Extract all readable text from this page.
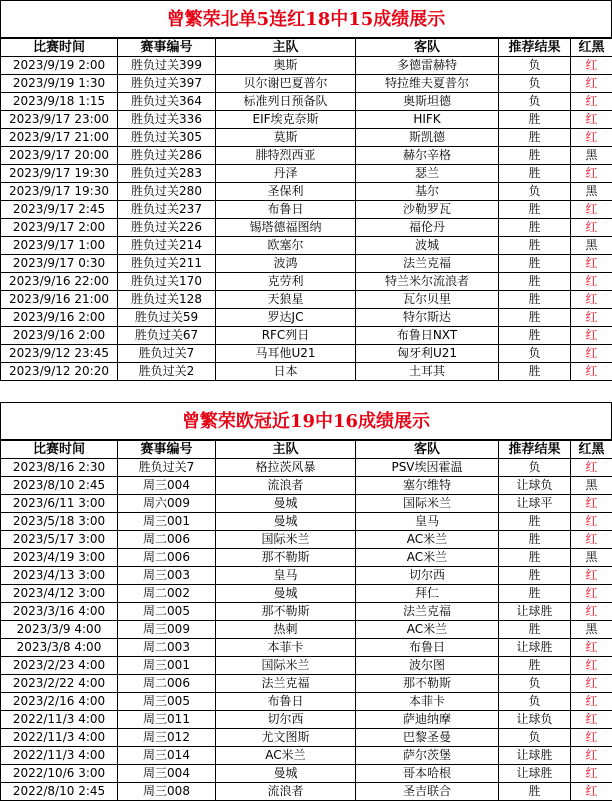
曾繁荣北单5连红18中15成绩展示
比赛时间	赛事编号	主队	客队	推荐结果	红黑
2023/9/19 2:00	胜负过关399	奥斯	多德雷赫特	负	红
2023/9/19 1:30	胜负过关397	贝尔谢巴夏普尔	特拉维夫夏普尔	负	红
2023/9/18 1:15	胜负过关364	标准列日预备队	奥斯坦德	负	红
2023/9/17 23:00	胜负过关336	EIF埃克奈斯	HIFK	胜	红
2023/9/17 21:00	胜负过关305	莫斯	斯凯德	胜	红
2023/9/17 20:00	胜负过关286	腓特烈西亚	赫尔辛格	胜	黑
2023/9/17 19:30	胜负过关283	丹泽	瑟兰	胜	红
2023/9/17 19:30	胜负过关280	圣保利	基尔	负	黑
2023/9/17 2:45	胜负过关237	布鲁日	沙勒罗瓦	胜	红
2023/9/17 2:00	胜负过关226	锡塔德福图纳	福伦丹	胜	红
2023/9/17 1:00	胜负过关214	欧塞尔	波城	胜	黑
2023/9/17 0:30	胜负过关211	波鸿	法兰克福	胜	红
2023/9/16 22:00	胜负过关170	克劳利	特兰米尔流浪者	胜	红
2023/9/16 21:00	胜负过关128	天狼星	瓦尔贝里	胜	红
2023/9/16 2:00	胜负过关59	罗达JC	特尔斯达	胜	红
2023/9/16 2:00	胜负过关67	RFC列日	布鲁日NXT	胜	红
2023/9/12 23:45	胜负过关7	马耳他U21	匈牙利U21	负	红
2023/9/12 20:20	胜负过关2	日本	土耳其	胜	红
曾繁荣欧冠近19中16成绩展示
比赛时间	赛事编号	主队	客队	推荐结果	红黑
2023/8/16 2:30	胜负过关7	格拉茨风暴	PSV埃因霍温	负	红
2023/8/10 2:45	周三004	流浪者	塞尔维特	让球负	黑
2023/6/11 3:00	周六009	曼城	国际米兰	让球平	红
2023/5/18 3:00	周三001	曼城	皇马	胜	红
2023/5/17 3:00	周二006	国际米兰	AC米兰	胜	红
2023/4/19 3:00	周二006	那不勒斯	AC米兰	胜	黑
2023/4/13 3:00	周三003	皇马	切尔西	胜	红
2023/4/12 3:00	周二002	曼城	拜仁	胜	红
2023/3/16 4:00	周二005	那不勒斯	法兰克福	让球胜	红
2023/3/9 4:00	周三009	热刺	AC米兰	胜	黑
2023/3/8 4:00	周二003	本菲卡	布鲁日	让球胜	红
2023/2/23 4:00	周三001	国际米兰	波尔图	胜	红
2023/2/22 4:00	周二006	法兰克福	那不勒斯	负	红
2023/2/16 4:00	周三005	布鲁日	本菲卡	负	红
2022/11/3 4:00	周三011	切尔西	萨迪纳摩	让球负	红
2022/11/3 4:00	周三012	尤文图斯	巴黎圣曼	负	红
2022/11/3 4:00	周三014	AC米兰	萨尔茨堡	让球胜	红
2022/10/6 3:00	周三004	曼城	哥本哈根	让球胜	红
2022/8/10 2:45	周三008	流浪者	圣吉联合	胜	红
